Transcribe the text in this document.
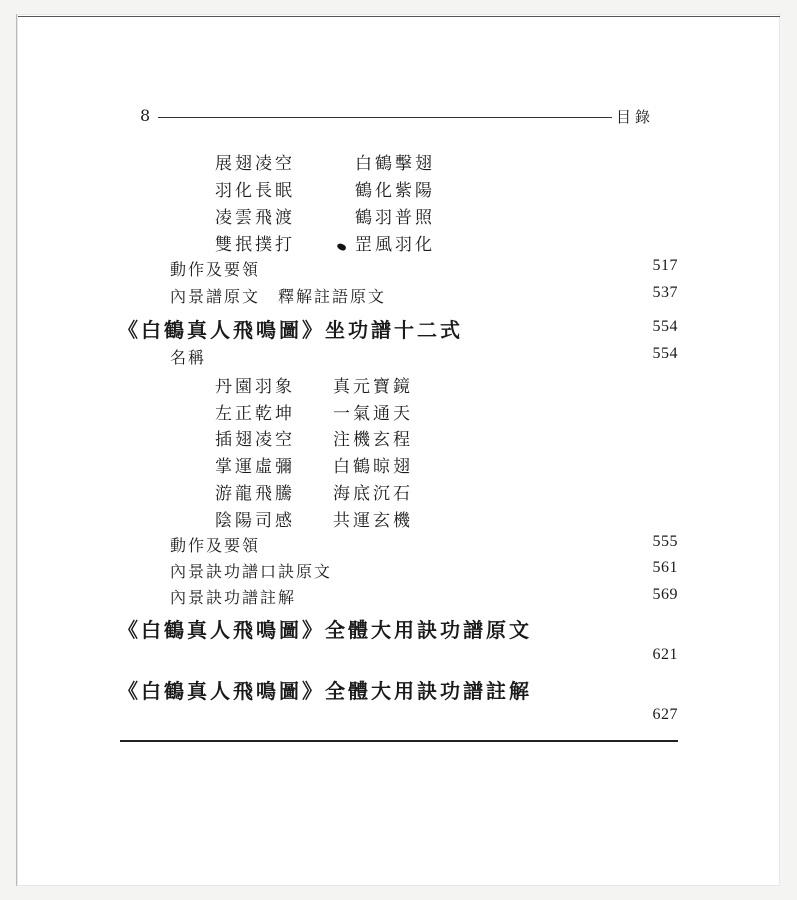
8	目錄
展翅凌空	白鶴擊翅
羽化長眠	鶴化紫陽
凌雲飛渡	鶴羽普照
雙抿撲打	罡風羽化
動作及要領	517
內景譜原文　釋解註語原文	537
《白鶴真人飛鳴圖》坐功譜十二式	554
名稱	554
丹園羽象 真元寶鏡
左正乾坤 一氣通天
插翅凌空 注機玄程
掌運虛彌 白鶴晾翅
游龍飛騰 海底沉石
陰陽司感 共運玄機
動作及要領	555
內景訣功譜口訣原文	561
內景訣功譜註解	569
《白鶴真人飛鳴圖》全體大用訣功譜原文
621
《白鶴真人飛鳴圖》全體大用訣功譜註解
627
